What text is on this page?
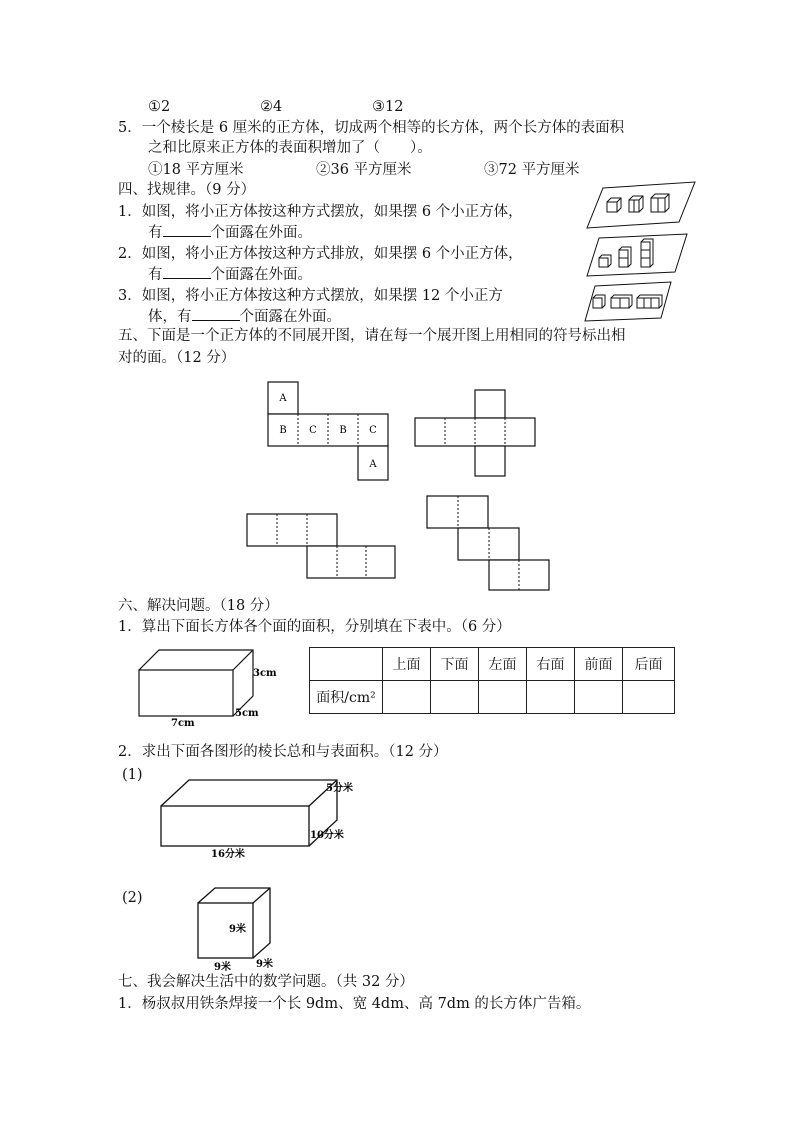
①2	②4	③12
5．一个棱长是 6 厘米的正方体，切成两个相等的长方体，两个长方体的表面积
之和比原来正方体的表面积增加了（ ）。
①18 平方厘米	②36 平方厘米	③72 平方厘米
四、找规律。（9 分）
1．如图，将小正方体按这种方式摆放，如果摆 6 个小正方体，
有	个面露在外面。
2．如图，将小正方体按这种方式排放，如果摆 6 个小正方体，
有	个面露在外面。
3．如图，将小正方体按这种方式摆放，如果摆 12 个小正方
体，有	个面露在外面。
五、下面是一个正方体的不同展开图，请在每一个展开图上用相同的符号标出相
对的面。（12 分）
A
B C B C
A
六、解决问题。（18 分）
1．算出下面长方体各个面的面积，分别填在下表中。（6 分）
3cm
7cm
5cm
	上面	下面	左面	右面	前面	后面
面积/cm²						
2．求出下面各图形的棱长总和与表面积。（12 分）
(1)
5分米
10分米
16分米
(2)
9米
9米	9米
七、我会解决生活中的数学问题。（共 32 分）
1．杨叔叔用铁条焊接一个长 9dm、宽 4dm、高 7dm 的长方体广告箱。
